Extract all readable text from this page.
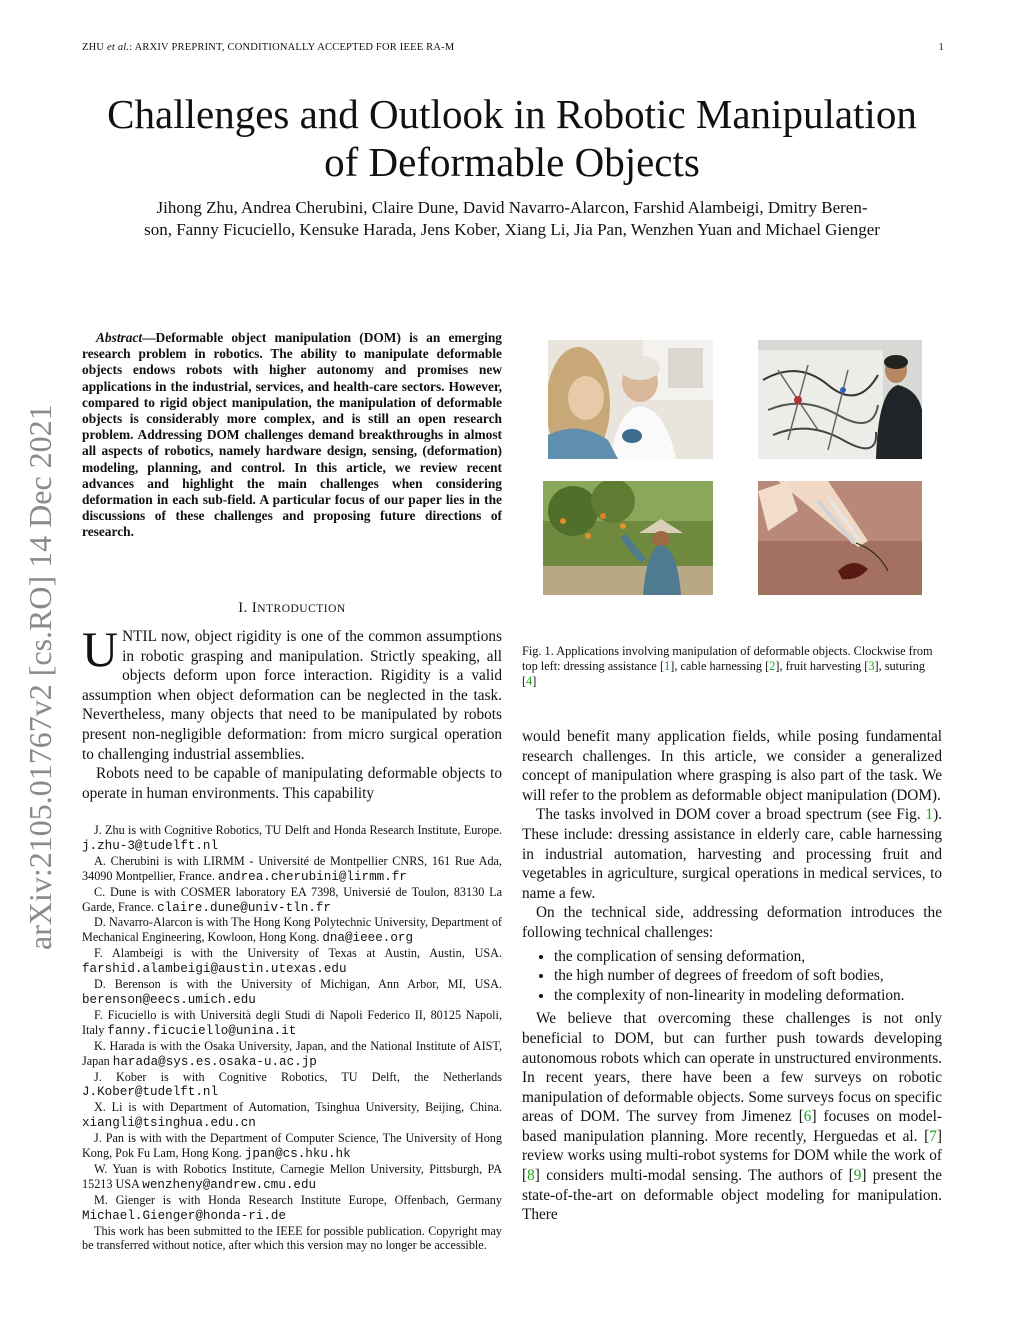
ZHU et al.: ARXIV PREPRINT, CONDITIONALLY ACCEPTED FOR IEEE RA-M	1
arXiv:2105.01767v2 [cs.RO] 14 Dec 2021
Challenges and Outlook in Robotic Manipulation
of Deformable Objects
Jihong Zhu, Andrea Cherubini, Claire Dune, David Navarro-Alarcon, Farshid Alambeigi, Dmitry Beren-
son, Fanny Ficuciello, Kensuke Harada, Jens Kober, Xiang Li, Jia Pan, Wenzhen Yuan and Michael Gienger
Abstract—Deformable object manipulation (DOM) is an emerging research problem in robotics. The ability to manipulate deformable objects endows robots with higher autonomy and promises new applications in the industrial, services, and health-care sectors. However, compared to rigid object manipulation, the manipulation of deformable objects is considerably more complex, and is still an open research problem. Addressing DOM challenges demand breakthroughs in almost all aspects of robotics, namely hardware design, sensing, (deformation) modeling, planning, and control. In this article, we review recent advances and highlight the main challenges when considering deformation in each sub-field. A particular focus of our paper lies in the discussions of these challenges and proposing future directions of research.
I. INTRODUCTION

UNTIL now, object rigidity is one of the common assumptions in robotic grasping and manipulation. Strictly speaking, all objects deform upon force interaction. Rigidity is a valid assumption when object deformation can be neglected in the task. Nevertheless, many objects that need to be manipulated by robots present non-negligible deformation: from micro surgical operation to challenging industrial assemblies.

Robots need to be capable of manipulating deformable objects to operate in human environments. This capability

J. Zhu is with Cognitive Robotics, TU Delft and Honda Research Institute, Europe. j.zhu-3@tudelft.nl

A. Cherubini is with LIRMM - Université de Montpellier CNRS, 161 Rue Ada, 34090 Montpellier, France. andrea.cherubini@lirmm.fr

C. Dune is with COSMER laboratory EA 7398, Universié de Toulon, 83130 La Garde, France. claire.dune@univ-tln.fr

D. Navarro-Alarcon is with The Hong Kong Polytechnic University, Department of Mechanical Engineering, Kowloon, Hong Kong. dna@ieee.org

F. Alambeigi is with the University of Texas at Austin, Austin, USA. farshid.alambeigi@austin.utexas.edu

D. Berenson is with the University of Michigan, Ann Arbor, MI, USA. berenson@eecs.umich.edu

F. Ficuciello is with Università degli Studi di Napoli Federico II, 80125 Napoli, Italy fanny.ficuciello@unina.it

K. Harada is with the Osaka University, Japan, and the National Institute of AIST, Japan harada@sys.es.osaka-u.ac.jp

J. Kober is with Cognitive Robotics, TU Delft, the Netherlands J.Kober@tudelft.nl

X. Li is with Department of Automation, Tsinghua University, Beijing, China. xiangli@tsinghua.edu.cn

J. Pan is with with the Department of Computer Science, The University of Hong Kong, Pok Fu Lam, Hong Kong. jpan@cs.hku.hk

W. Yuan is with Robotics Institute, Carnegie Mellon University, Pittsburgh, PA 15213 USA wenzheny@andrew.cmu.edu

M. Gienger is with Honda Research Institute Europe, Offenbach, Germany Michael.Gienger@honda-ri.de

This work has been submitted to the IEEE for possible publication. Copyright may be transferred without notice, after which this version may no longer be accessible.

Fig. 1. Applications involving manipulation of deformable objects. Clockwise from top left: dressing assistance [1], cable harnessing [2], fruit harvesting [3], suturing [4]

would benefit many application fields, while posing fundamental research challenges. In this article, we consider a generalized concept of manipulation where grasping is also part of the task. We will refer to the problem as deformable object manipulation (DOM).

The tasks involved in DOM cover a broad spectrum (see Fig. 1). These include: dressing assistance in elderly care, cable harnessing in industrial automation, harvesting and processing fruit and vegetables in agriculture, surgical operations in medical services, to name a few.

On the technical side, addressing deformation introduces the following technical challenges:

• the complication of sensing deformation,
• the high number of degrees of freedom of soft bodies,
• the complexity of non-linearity in modeling deformation.

We believe that overcoming these challenges is not only beneficial to DOM, but can further push towards developing autonomous robots which can operate in unstructured environments. In recent years, there have been a few surveys on robotic manipulation of deformable objects. Some surveys focus on specific areas of DOM. The survey from Jimenez [6] focuses on model-based manipulation planning. More recently, Herguedas et al. [7] review works using multi-robot systems for DOM while the work of [8] considers multi-modal sensing. The authors of [9] present the state-of-the-art on deformable object modeling for manipulation. There
